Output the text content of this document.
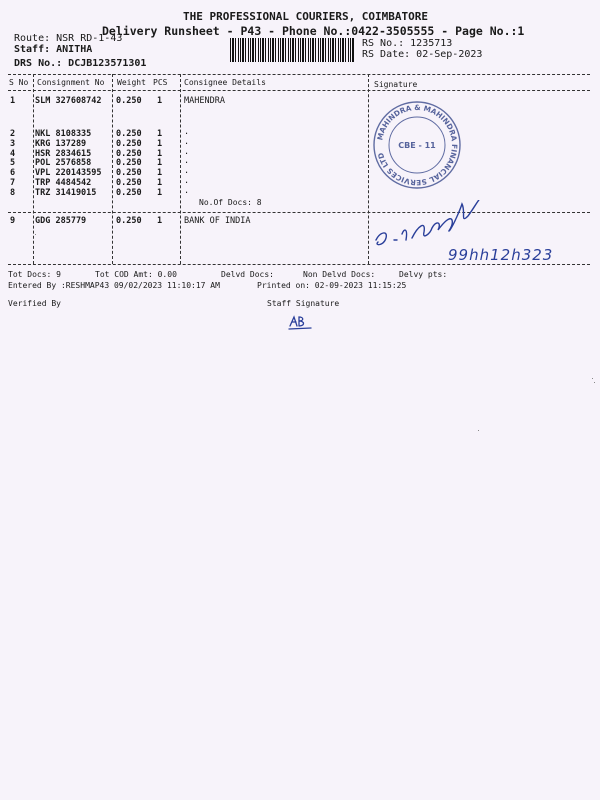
THE PROFESSIONAL COURIERS, COIMBATORE
Delivery Runsheet - P43 - Phone No.:0422-3505555 - Page No.:1
Route: NSR RD-1-43
Staff: ANITHA
DRS No.: DCJB123571301
RS No.: 1235713
RS Date: 02-Sep-2023
S No Consignment No Weight PCS Consignee Details	Signature
1 SLM 327608742 0.250 1	MAHENDRA
2 NKL 8108335	0.250 1	.
3 KRG 137289	0.250 1	.
4 HSR 2834615	0.250 1	.
5 POL 2576858	0.250 1	.
6 VPL 220143595 0.250 1	.
7 TRP 4484542	0.250 1	.
8 TRZ 31419015 0.250 1	.
No.Of Docs: 8
9 GDG 285779	0.250 1	BANK OF INDIA
MAHINDRA & MAHINDRA FINANCIAL SERVICES LTD
CBE - 11
99hh12h323
Tot Docs: 9	Tot COD Amt: 0.00	Delvd Docs:	Non Delvd Docs:	Delvy pts:
Entered By :RESHMAP43 09/02/2023 11:10:17 AM	Printed on: 02-09-2023 11:15:25
Verified By	Staff Signature
